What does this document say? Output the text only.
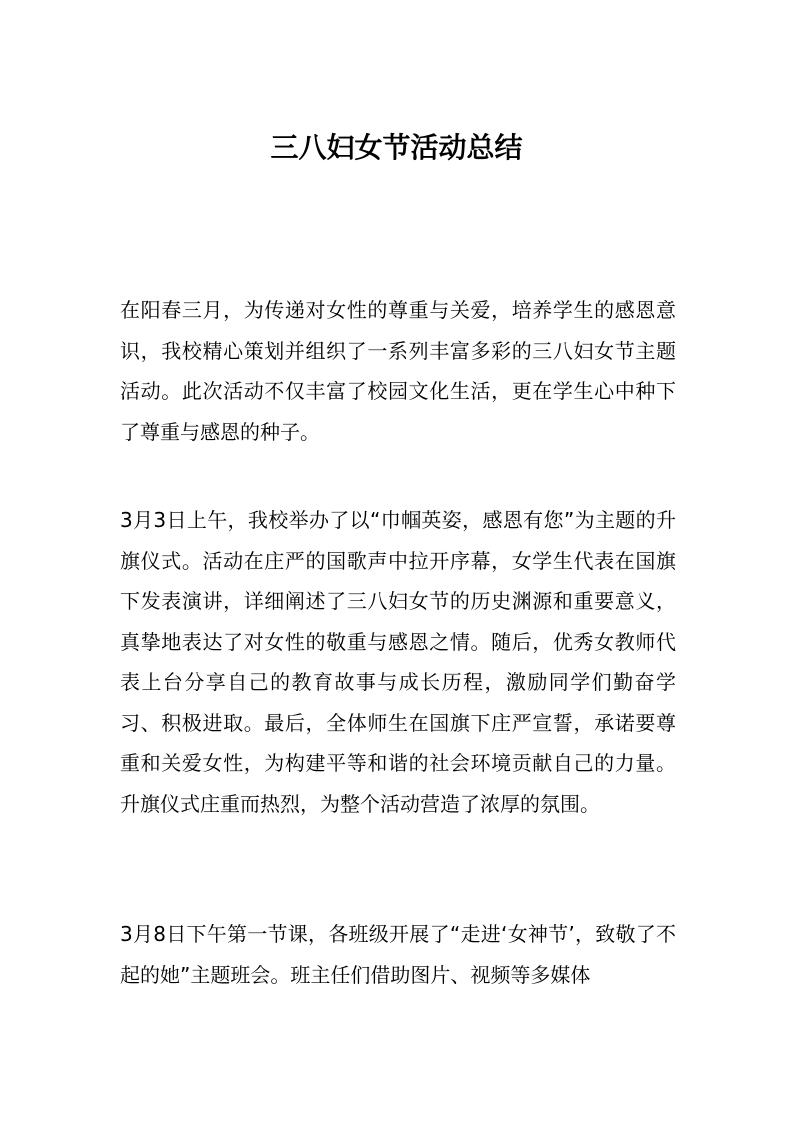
三八妇女节活动总结

在阳春三月，为传递对女性的尊重与关爱，培养学生的感恩意识，我校精心策划并组织了一系列丰富多彩的三八妇女节主题活动。此次活动不仅丰富了校园文化生活，更在学生心中种下了尊重与感恩的种子。

3月3日上午，我校举办了以“巾帼英姿，感恩有您”为主题的升旗仪式。活动在庄严的国歌声中拉开序幕，女学生代表在国旗下发表演讲，详细阐述了三八妇女节的历史渊源和重要意义，真挚地表达了对女性的敬重与感恩之情。随后，优秀女教师代表上台分享自己的教育故事与成长历程，激励同学们勤奋学习、积极进取。最后，全体师生在国旗下庄严宣誓，承诺要尊重和关爱女性，为构建平等和谐的社会环境贡献自己的力量。升旗仪式庄重而热烈，为整个活动营造了浓厚的氛围。

3月8日下午第一节课，各班级开展了“走进‘女神节’，致敬了不起的她”主题班会。班主任们借助图片、视频等多媒体
